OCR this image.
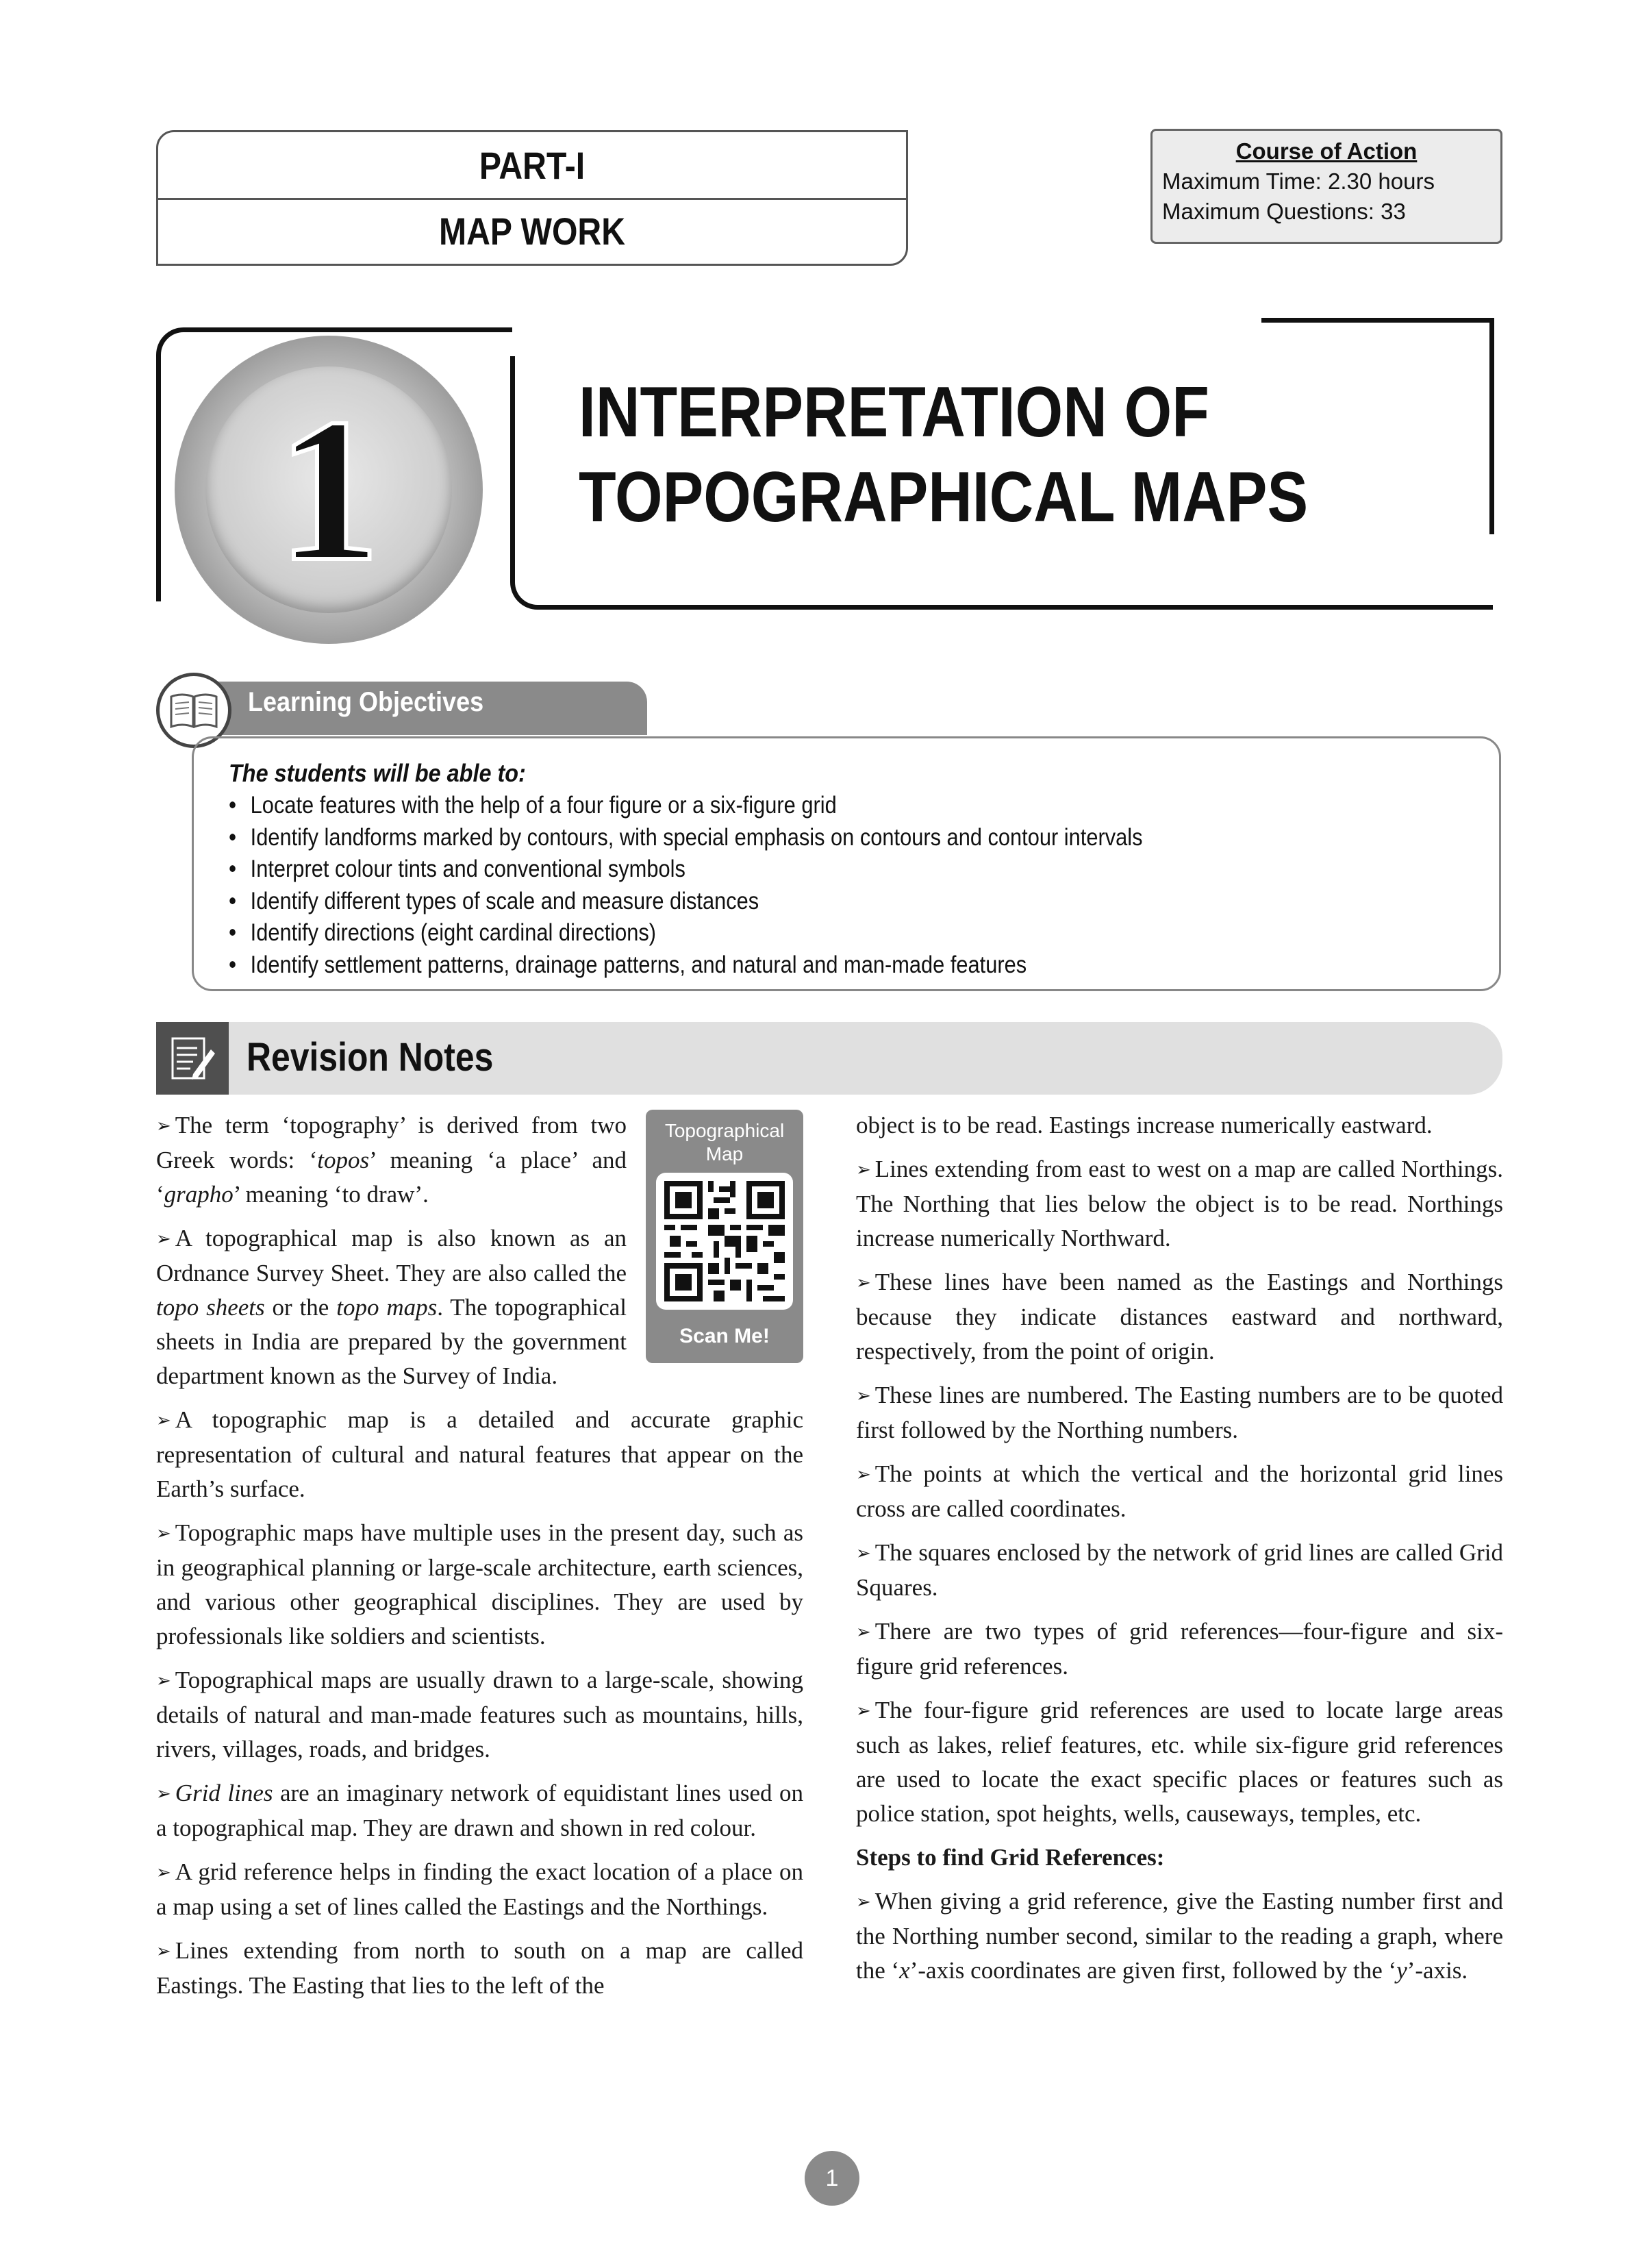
PART-I
MAP WORK
Course of Action
Maximum Time: 2.30 hours
Maximum Questions: 33
1	INTERPRETATION OF
TOPOGRAPHICAL MAPS
Learning Objectives
The students will be able to:
• Locate features with the help of a four figure or a six-figure grid
• Identify landforms marked by contours, with special emphasis on contours and contour intervals
• Interpret colour tints and conventional symbols
• Identify different types of scale and measure distances
• Identify directions (eight cardinal directions)
• Identify settlement patterns, drainage patterns, and natural and man-made features
Revision Notes
Topographical
Map
Scan Me!

➢ The term ‘topography’ is derived from two Greek words: ‘topos’ meaning ‘a place’ and ‘grapho’ meaning ‘to draw’.

➢ A topographical map is also known as an Ordnance Survey Sheet. They are also called the topo sheets or the topo maps. The topographical sheets in India are prepared by the government department known as the Survey of India.

➢ A topographic map is a detailed and accurate graphic representation of cultural and natural features that appear on the Earth’s surface.

➢ Topographic maps have multiple uses in the present day, such as in geographical planning or large-scale architecture, earth sciences, and various other geographical disciplines. They are used by professionals like soldiers and scientists.

➢ Topographical maps are usually drawn to a large-scale, showing details of natural and man-made features such as mountains, hills, rivers, villages, roads, and bridges.

➢ Grid lines are an imaginary network of equidistant lines used on a topographical map. They are drawn and shown in red colour.

➢ A grid reference helps in finding the exact location of a place on a map using a set of lines called the Eastings and the Northings.

➢ Lines extending from north to south on a map are called Eastings. The Easting that lies to the left of the

object is to be read. Eastings increase numerically eastward.

➢ Lines extending from east to west on a map are called Northings. The Northing that lies below the object is to be read. Northings increase numerically Northward.

➢ These lines have been named as the Eastings and Northings because they indicate distances eastward and northward, respectively, from the point of origin.

➢ These lines are numbered. The Easting numbers are to be quoted first followed by the Northing numbers.

➢ The points at which the vertical and the horizontal grid lines cross are called coordinates.

➢ The squares enclosed by the network of grid lines are called Grid Squares.

➢ There are two types of grid references—four-figure and six-figure grid references.

➢ The four-figure grid references are used to locate large areas such as lakes, relief features, etc. while six-figure grid references are used to locate the exact specific places or features such as police station, spot heights, wells, causeways, temples, etc.

Steps to find Grid References:

➢ When giving a grid reference, give the Easting number first and the Northing number second, similar to the reading a graph, where the ‘x’-axis coordinates are given first, followed by the ‘y’-axis.

1
